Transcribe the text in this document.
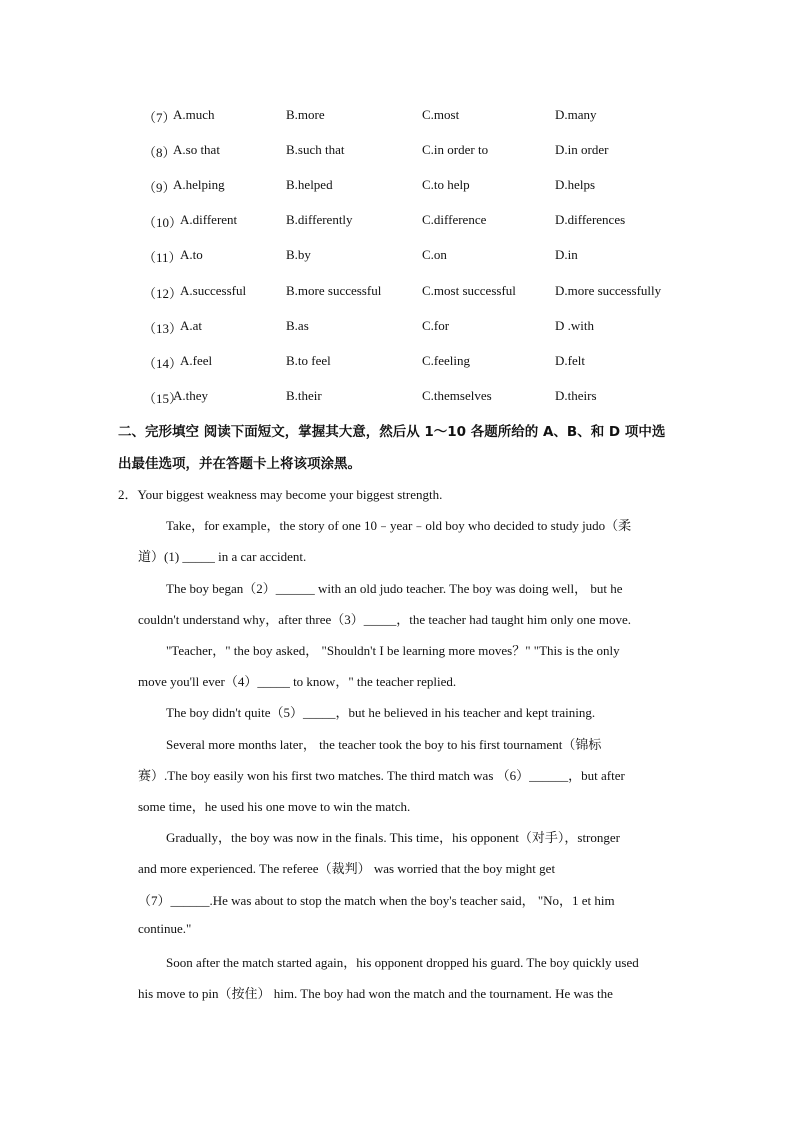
（7）
A.much	B.more	C.most	D.many
（8）
A.so that	B.such that	C.in order to	D.in order
（9）
A.helping	B.helped	C.to help	D.helps
（10）
A.different	B.differently	C.difference	D.differences
（11）
A.to	B.by	C.on	D.in
（12）
A.successful	B.more successful	C.most successful	D.more successfully
（13）
A.at	B.as	C.for	D .with
（14）
A.feel	B.to feel	C.feeling	D.felt
（15）
A.they	B.their	C.themselves	D.theirs
二、完形填空 阅读下面短文，掌握其大意，然后从 1～10 各题所给的 A、B、和 D 项中选
出最佳选项，并在答题卡上将该项涂黑。
2．Your biggest weakness may become your biggest strength.
Take，for example，the story of one 10﹣year﹣old boy who decided to study judo（柔
道）(1) _____ in a car accident.
The boy began（2）______ with an old judo teacher. The boy was doing well， but he
couldn't understand why，after three（3）_____，the teacher had taught him only one move.
"Teacher，" the boy asked， "Shouldn't I be learning more moves？" "This is the only
move you'll ever（4）_____ to know，" the teacher replied.
The boy didn't quite（5）_____，but he believed in his teacher and kept training.
Several more months later， the teacher took the boy to his first tournament（锦标
赛）.The boy easily won his first two matches. The third match was （6）______，but after
some time，he used his one move to win the match.
Gradually，the boy was now in the finals. This time，his opponent（对手），stronger
and more experienced. The referee（裁判） was worried that the boy might get
（7）______.He was about to stop the match when the boy's teacher said， "No，1 et him
continue."
Soon after the match started again，his opponent dropped his guard. The boy quickly used
his move to pin（按住） him. The boy had won the match and the tournament. He was the
